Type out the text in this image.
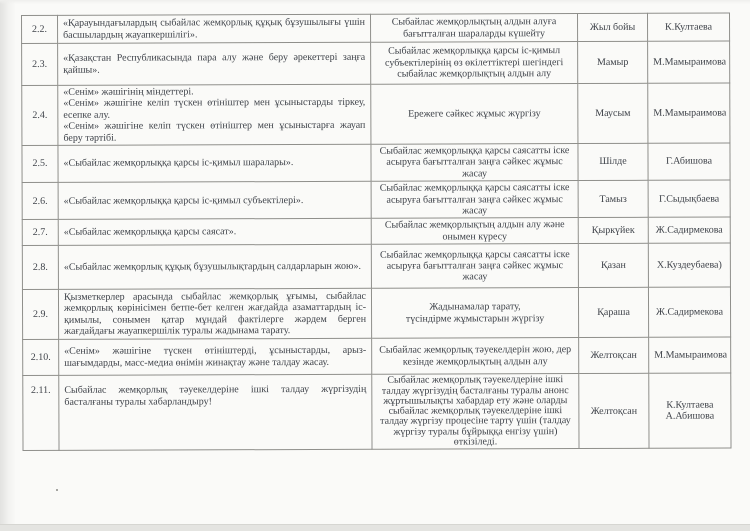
2.2.	«Қарауындағылардың сыбайлас жемқорлық құқық бұзушылығы үшін басшылардың жауапкершілігі».	Сыбайлас жемқорлықтың алдын алуға бағытталған шараларды күшейту	Жыл бойы	К.Култаева
2.3.	«Қазақстан Республикасында пара алу және беру әрекеттері заңға қайшы».	Сыбайлас жемқорлыққа қарсы іс-қимыл субъектілерінің өз өкілеттіктері шегіндегі сыбайлас жемқорлықтың алдын алу	Мамыр	М.Мамыраимова
2.4.	«Сенім» жәшігінің міндеттері.
«Сенім» жәшігіне келіп түскен өтініштер мен ұсыныстарды тіркеу, есепке алу.
«Сенім» жәшігіне келіп түскен өтініштер мен ұсыныстарға жауап беру тәртібі.	Ережеге сәйкес жұмыс жүргізу	Маусым	М.Мамыраимова
2.5.	«Сыбайлас жемқорлыққа қарсы іс-қимыл шаралары».	Сыбайлас жемқорлыққа қарсы саясатты іске асыруға бағытталған заңға сәйкес жұмыс жасау	Шілде	Г.Абишова
2.6.	«Сыбайлас жемқорлыққа қарсы іс-қимыл субъектілері».	Сыбайлас жемқорлыққа қарсы саясатты іске асыруға бағытталған заңға сәйкес жұмыс жасау	Тамыз	Г.Сыдықбаева
2.7.	«Сыбайлас жемқорлыққа қарсы саясат».	Сыбайлас жемқорлықтың алдын алу және онымен күресу	Қыркүйек	Ж.Садирмекова
2.8.	«Сыбайлас жемқорлық құқық бұзушылықтардың салдарларын жою».	Сыбайлас жемқорлыққа қарсы саясатты іске асыруға бағытталған заңға сәйкес жұмыс жасау	Қазан	Х.Куздеубаева)
2.9.	Қызметкерлер арасында сыбайлас жемқорлық ұғымы, сыбайлас жемқорлық көрінісімен бетпе-бет келген жағдайда азаматтардың іс-қимылы, сонымен қатар мұндай фактілерге жәрдем берген жағдайдағы жауапкершілік туралы жадынама тарату.	Жадынамалар тарату,
түсіндірме жұмыстарын жүргізу	Қараша	Ж.Садирмекова
2.10.	«Сенім» жәшігіне түскен өтініштерді, ұсыныстарды, арыз-шағымдарды, масс-медиа өнімін жинақтау және талдау жасау.	Сыбайлас жемқорлық тәуекелдерін жою, дер кезінде жемқорлықтың алдын алу	Желтоқсан	М.Мамыраимова
2.11.	Сыбайлас жемқорлық тәуекелдеріне ішкі талдау жүргізудің басталғаны туралы хабарландыру!	Сыбайлас жемқорлық тәуекелдеріне ішкі талдау жүргізудің басталғаны туралы анонс жұртышылықты хабардар ету және оларды сыбайлас жемқорлық тәуекелдеріне ішкі талдау жүргізу процесіне тарту үшін (талдау жүргізу туралы бұйрыққа енгізу үшін) өткізіледі.	Желтоқсан	К.Култаева
А.Абишова
